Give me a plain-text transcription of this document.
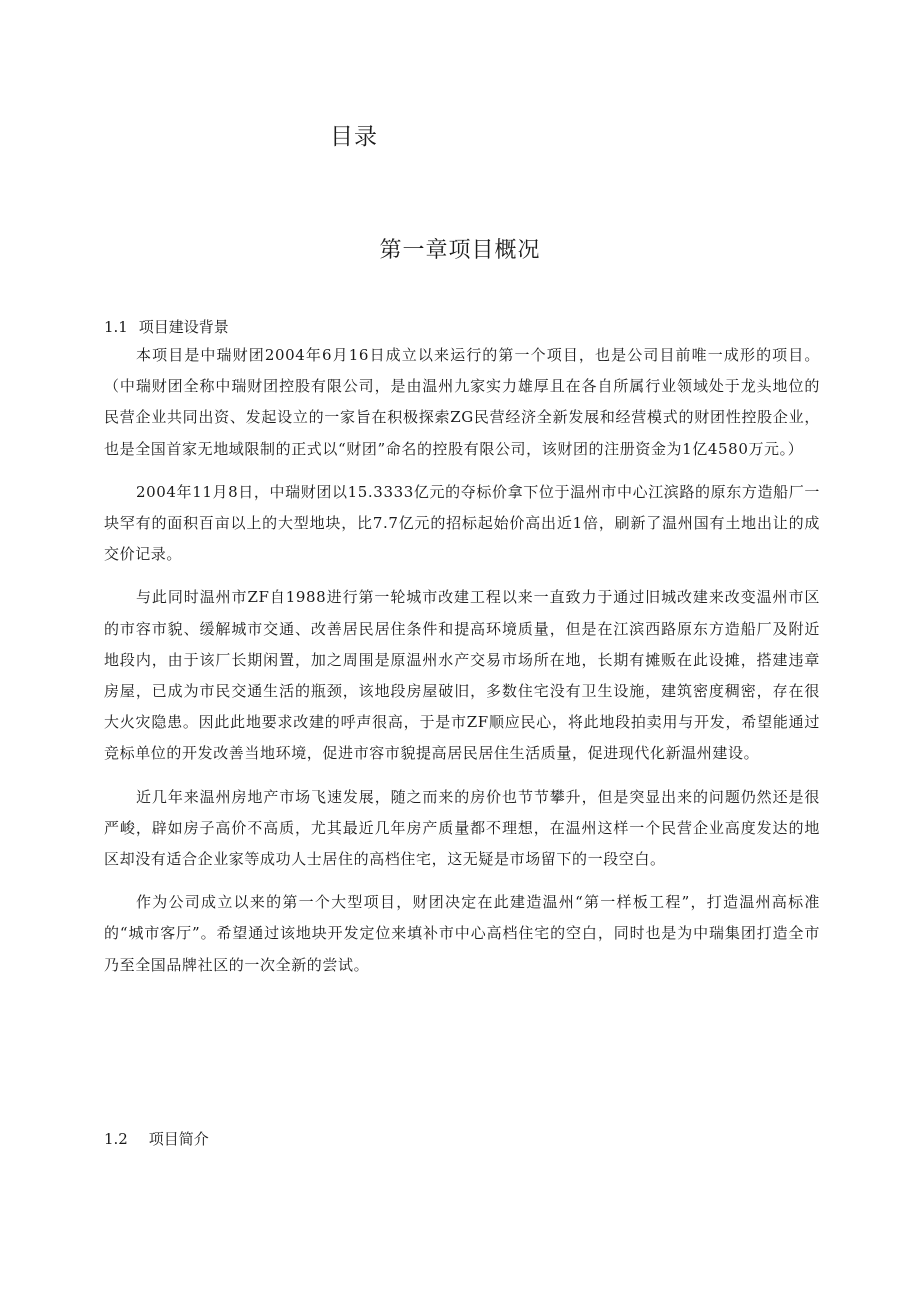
目录
第一章项目概况
1.1 项目建设背景

本项目是中瑞财团2004年6月16日成立以来运行的第一个项目，也是公司目前唯一成形的项目。（中瑞财团全称中瑞财团控股有限公司，是由温州九家实力雄厚且在各自所属行业领域处于龙头地位的民营企业共同出资、发起设立的一家旨在积极探索ZG民营经济全新发展和经营模式的财团性控股企业，也是全国首家无地域限制的正式以“财团”命名的控股有限公司，该财团的注册资金为1亿4580万元。）

2004年11月8日，中瑞财团以15.3333亿元的夺标价拿下位于温州市中心江滨路的原东方造船厂一块罕有的面积百亩以上的大型地块，比7.7亿元的招标起始价高出近1倍，刷新了温州国有土地出让的成交价记录。

与此同时温州市ZF自1988进行第一轮城市改建工程以来一直致力于通过旧城改建来改变温州市区的市容市貌、缓解城市交通、改善居民居住条件和提高环境质量，但是在江滨西路原东方造船厂及附近地段内，由于该厂长期闲置，加之周围是原温州水产交易市场所在地，长期有摊贩在此设摊，搭建违章房屋，已成为市民交通生活的瓶颈，该地段房屋破旧，多数住宅没有卫生设施，建筑密度稠密，存在很大火灾隐患。因此此地要求改建的呼声很高，于是市ZF顺应民心，将此地段拍卖用与开发，希望能通过竞标单位的开发改善当地环境，促进市容市貌提高居民居住生活质量，促进现代化新温州建设。

近几年来温州房地产市场飞速发展，随之而来的房价也节节攀升，但是突显出来的问题仍然还是很严峻，辟如房子高价不高质，尤其最近几年房产质量都不理想，在温州这样一个民营企业高度发达的地区却没有适合企业家等成功人士居住的高档住宅，这无疑是市场留下的一段空白。

作为公司成立以来的第一个大型项目，财团决定在此建造温州“第一样板工程”，打造温州高标准的“城市客厅”。希望通过该地块开发定位来填补市中心高档住宅的空白，同时也是为中瑞集团打造全市乃至全国品牌社区的一次全新的尝试。

1.2 项目简介
